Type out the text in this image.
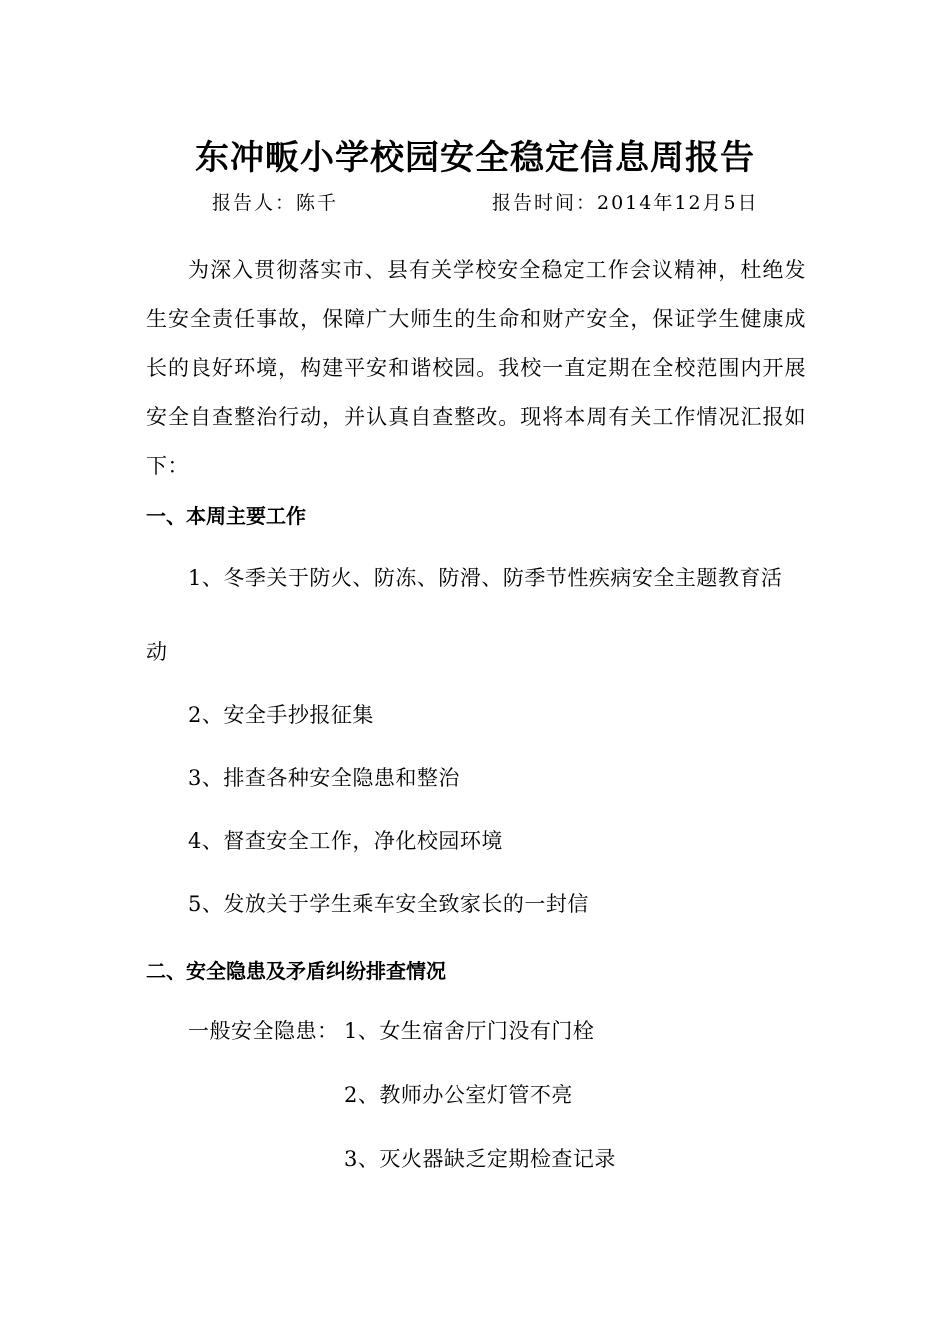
东冲畈小学校园安全稳定信息周报告
报告人：陈千	报告时间：2014年12月5日
为深入贯彻落实市、县有关学校安全稳定工作会议精神，杜绝发生安全责任事故，保障广大师生的生命和财产安全，保证学生健康成长的良好环境，构建平安和谐校园。我校一直定期在全校范围内开展安全自查整治行动，并认真自查整改。现将本周有关工作情况汇报如下：
一、本周主要工作
1、冬季关于防火、防冻、防滑、防季节性疾病安全主题教育活
动
2、安全手抄报征集
3、排查各种安全隐患和整治
4、督查安全工作，净化校园环境
5、发放关于学生乘车安全致家长的一封信
二、安全隐患及矛盾纠纷排查情况
一般安全隐患： 1、女生宿舍厅门没有门栓
2、教师办公室灯管不亮
3、灭火器缺乏定期检查记录
